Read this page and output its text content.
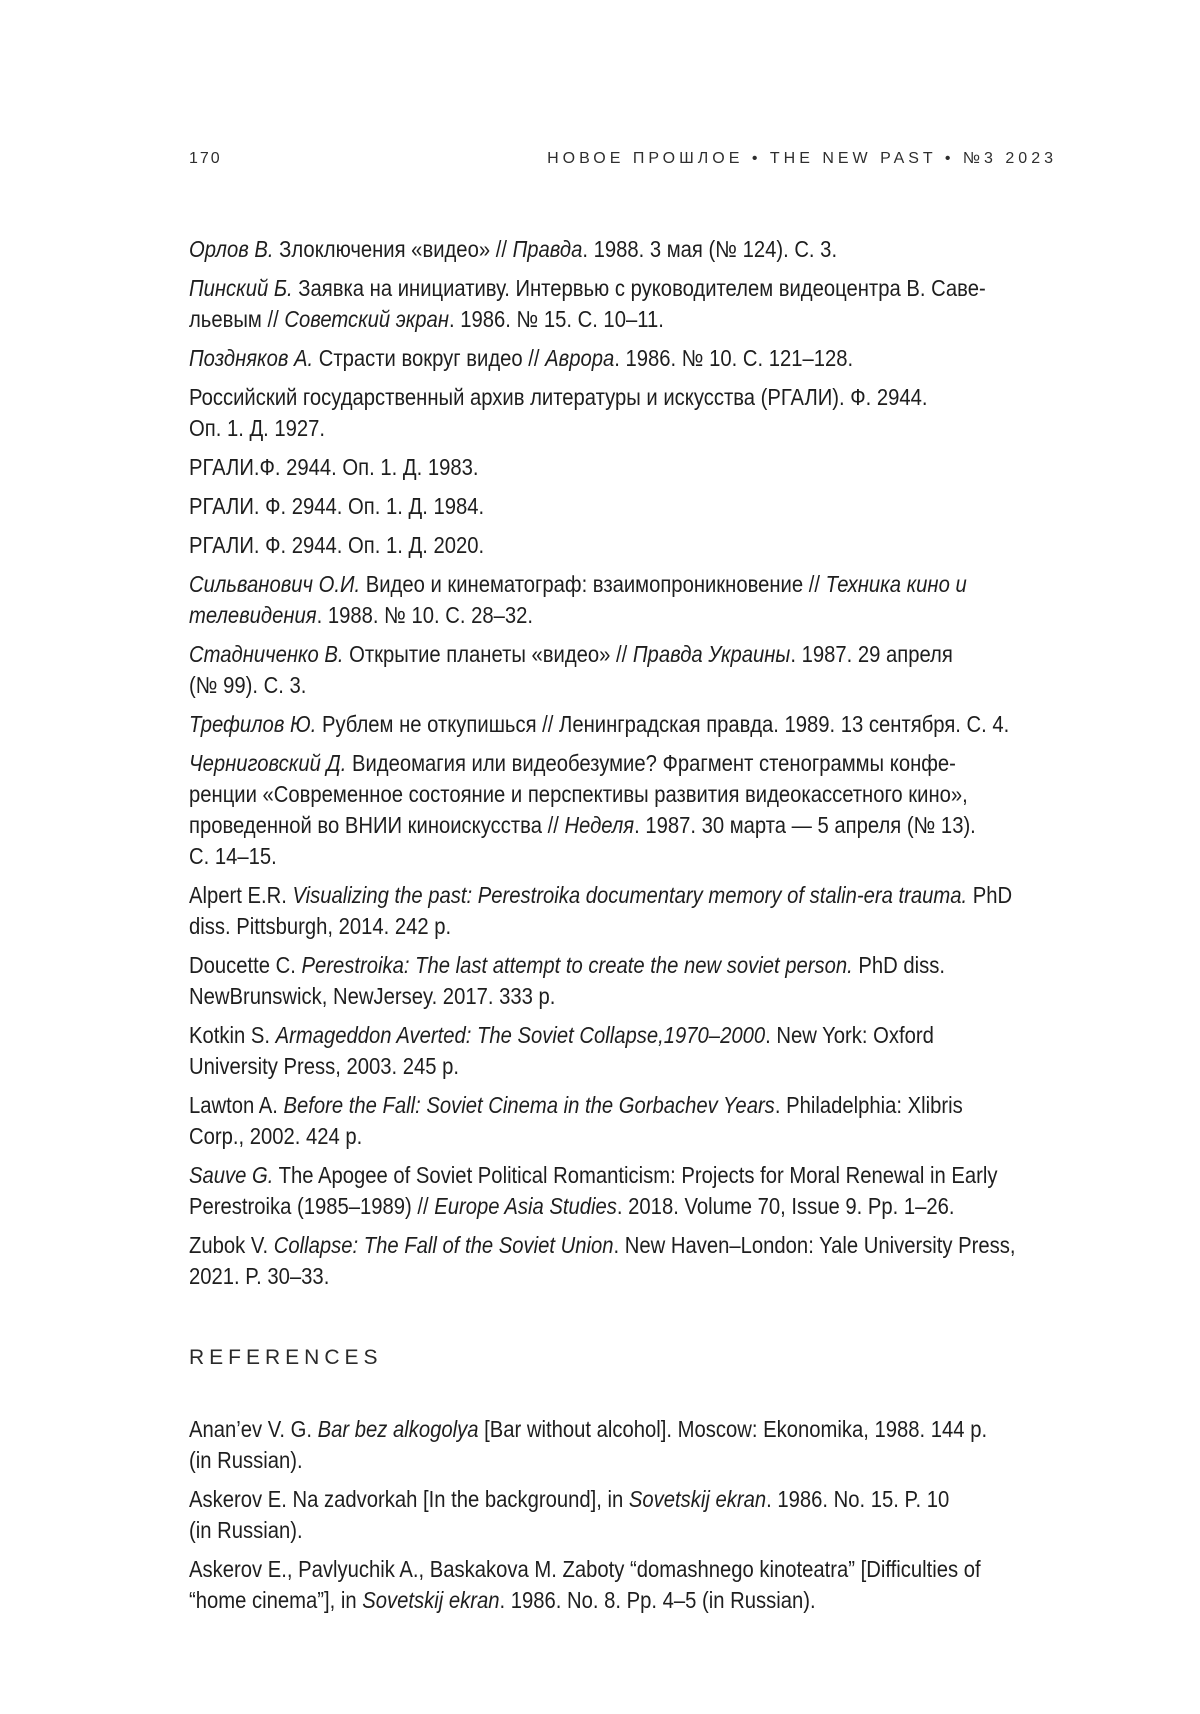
170	НОВОЕ ПРОШЛОЕ • THE NEW PAST • №3 2023
Орлов В. Злоключения «видео» // Правда. 1988. 3 мая (№ 124). С. 3.
Пинский Б. Заявка на инициативу. Интервью с руководителем видеоцентра В. Саве-
льевым // Советский экран. 1986. № 15. С. 10–11.
Поздняков А. Страсти вокруг видео // Аврора. 1986. № 10. С. 121–128.
Российский государственный архив литературы и искусства (РГАЛИ). Ф. 2944.
Оп. 1. Д. 1927.
РГАЛИ.Ф. 2944. Оп. 1. Д. 1983.
РГАЛИ. Ф. 2944. Оп. 1. Д. 1984.
РГАЛИ. Ф. 2944. Оп. 1. Д. 2020.
Сильванович О.И. Видео и кинематограф: взаимопроникновение // Техника кино и
телевидения. 1988. № 10. С. 28–32.
Стадниченко В. Открытие планеты «видео» // Правда Украины. 1987. 29 апреля
(№ 99). С. 3.
Трефилов Ю. Рублем не откупишься // Ленинградская правда. 1989. 13 сентября. С. 4.
Черниговский Д. Видеомагия или видеобезумие? Фрагмент стенограммы конфе-
ренции «Современное состояние и перспективы развития видеокассетного кино»,
проведенной во ВНИИ киноискусства // Неделя. 1987. 30 марта — 5 апреля (№ 13).
С. 14–15.
Alpert E.R. Visualizing the past: Perestroika documentary memory of stalin-era trauma. PhD
diss. Pittsburgh, 2014. 242 p.
Doucette C. Perestroika: The last attempt to create the new soviet person. PhD diss.
NewBrunswick, NewJersey. 2017. 333 p.
Kotkin S. Armageddon Averted: The Soviet Collapse,1970–2000. New York: Oxford
University Press, 2003. 245 p.
Lawton A. Before the Fall: Soviet Cinema in the Gorbachev Years. Philadelphia: Xlibris
Corp., 2002. 424 p.
Sauve G. The Apogee of Soviet Political Romanticism: Projects for Moral Renewal in Early
Perestroika (1985–1989) // Europe Asia Studies. 2018. Volume 70, Issue 9. Pp. 1–26.
Zubok V. Collapse: The Fall of the Soviet Union. New Haven–London: Yale University Press,
2021. P. 30–33.
REFERENCES
Anan’ev V. G. Bar bez alkogolya [Bar without alcohol]. Moscow: Ekonomika, 1988. 144 p.
(in Russian).
Askerov E. Na zadvorkah [In the background], in Sovetskij ekran. 1986. No. 15. P. 10
(in Russian).
Askerov E., Pavlyuchik A., Baskakova M. Zaboty “domashnego kinoteatra” [Difficulties of
“home cinema”], in Sovetskij ekran. 1986. No. 8. Pp. 4–5 (in Russian).
